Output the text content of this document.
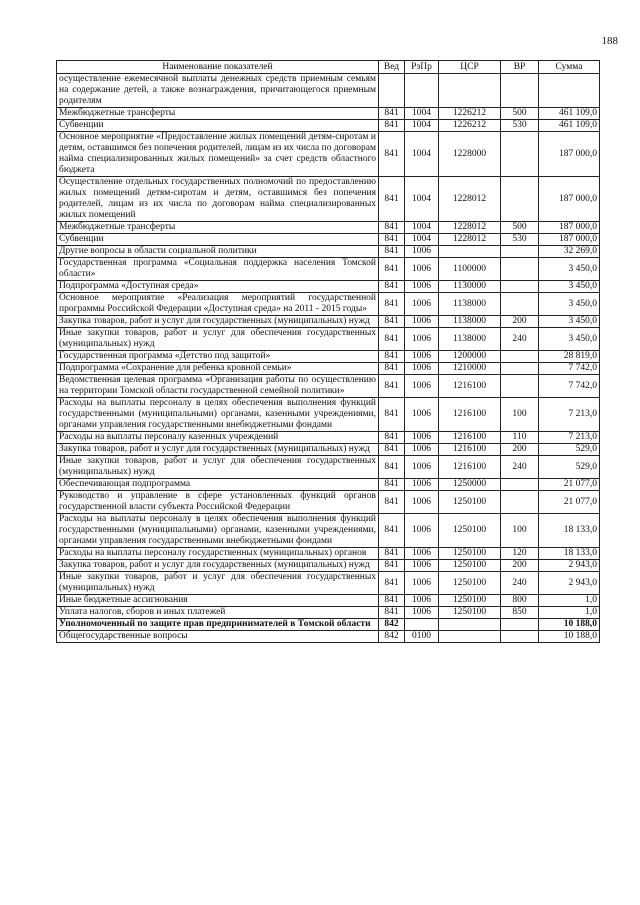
188
Наименование показателей	Вед	РзПр	ЦСР	ВР	Сумма
осуществление ежемесячной выплаты денежных средств приемным семьям на содержание детей, а также вознаграждения, причитающегося приемным родителям					
Межбюджетные трансферты	841	1004	1226212	500	461 109,0
Субвенции	841	1004	1226212	530	461 109,0
Основное мероприятие «Предоставление жилых помещений детям-сиротам и детям, оставшимся без попечения родителей, лицам из их числа по договорам найма специализированных жилых помещений» за счет средств областного бюджета	841	1004	1228000		187 000,0
Осуществление отдельных государственных полномочий по предоставлению жилых помещений детям-сиротам и детям, оставшимся без попечения родителей, лицам из их числа по договорам найма специализированных жилых помещений	841	1004	1228012		187 000,0
Межбюджетные трансферты	841	1004	1228012	500	187 000,0
Субвенции	841	1004	1228012	530	187 000,0
Другие вопросы в области социальной политики	841	1006			32 269,0
Государственная программа «Социальная поддержка населения Томской области»	841	1006	1100000		3 450,0
Подпрограмма «Доступная среда»	841	1006	1130000		3 450,0
Основное мероприятие «Реализация мероприятий государственной программы Российской Федерации «Доступная среда» на 2011 - 2015 годы»	841	1006	1138000		3 450,0
Закупка товаров, работ и услуг для государственных (муниципальных) нужд	841	1006	1138000	200	3 450,0
Иные закупки товаров, работ и услуг для обеспечения государственных (муниципальных) нужд	841	1006	1138000	240	3 450,0
Государственная программа «Детство под защитой»	841	1006	1200000		28 819,0
Подпрограмма «Сохранение для ребенка кровной семьи»	841	1006	1210000		7 742,0
Ведомственная целевая программа «Организация работы по осуществлению на территории Томской области государственной семейной политики»	841	1006	1216100		7 742,0
Расходы на выплаты персоналу в целях обеспечения выполнения функций государственными (муниципальными) органами, казенными учреждениями, органами управления государственными внебюджетными фондами	841	1006	1216100	100	7 213,0
Расходы на выплаты персоналу казенных учреждений	841	1006	1216100	110	7 213,0
Закупка товаров, работ и услуг для государственных (муниципальных) нужд	841	1006	1216100	200	529,0
Иные закупки товаров, работ и услуг для обеспечения государственных (муниципальных) нужд	841	1006	1216100	240	529,0
Обеспечивающая подпрограмма	841	1006	1250000		21 077,0
Руководство и управление в сфере установленных функций органов государственной власти субъекта Российской Федерации	841	1006	1250100		21 077,0
Расходы на выплаты персоналу в целях обеспечения выполнения функций государственными (муниципальными) органами, казенными учреждениями, органами управления государственными внебюджетными фондами	841	1006	1250100	100	18 133,0
Расходы на выплаты персоналу государственных (муниципальных) органов	841	1006	1250100	120	18 133,0
Закупка товаров, работ и услуг для государственных (муниципальных) нужд	841	1006	1250100	200	2 943,0
Иные закупки товаров, работ и услуг для обеспечения государственных (муниципальных) нужд	841	1006	1250100	240	2 943,0
Иные бюджетные ассигнования	841	1006	1250100	800	1,0
Уплата налогов, сборов и иных платежей	841	1006	1250100	850	1,0
Уполномоченный по защите прав предпринимателей в Томской области	842				10 188,0
Общегосударственные вопросы	842	0100			10 188,0
